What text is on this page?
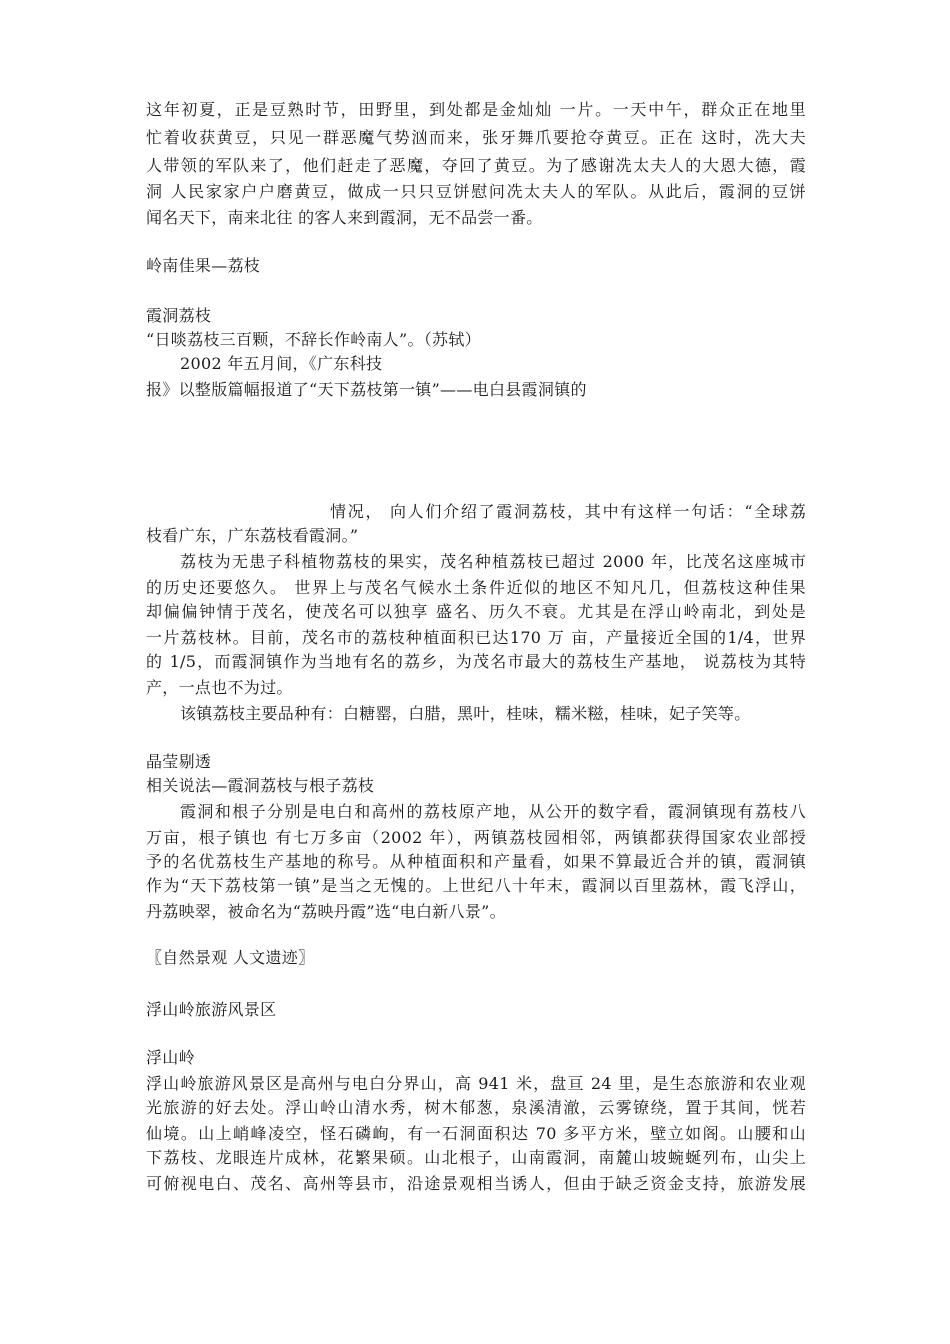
这年初夏，正是豆熟时节，田野里，到处都是金灿灿 一片。一天中午，群众正在地里
忙着收获黄豆，只见一群恶魔气势汹而来，张牙舞爪要抢夺黄豆。正在 这时，冼大夫
人带领的军队来了，他们赶走了恶魔，夺回了黄豆。为了感谢冼太夫人的大恩大德，霞
洞 人民家家户户磨黄豆，做成一只只豆饼慰问冼太夫人的军队。从此后，霞洞的豆饼
闻名天下，南来北往 的客人来到霞洞，无不品尝一番。
岭南佳果—荔枝
霞洞荔枝
“日啖荔枝三百颗，不辞长作岭南人”。（苏轼）
2002 年五月间，《广东科技
报》以整版篇幅报道了“天下荔枝第一镇”——电白县霞洞镇的
情况， 向人们介绍了霞洞荔枝，其中有这样一句话：“全球荔
枝看广东，广东荔枝看霞洞。”
荔枝为无患子科植物荔枝的果实，茂名种植荔枝已超过 2000 年，比茂名这座城市
的历史还要悠久。 世界上与茂名气候水土条件近似的地区不知凡几，但荔枝这种佳果
却偏偏钟情于茂名，使茂名可以独享 盛名、历久不衰。尤其是在浮山岭南北，到处是
一片荔枝林。目前，茂名市的荔枝种植面积已达170 万 亩，产量接近全国的1/4，世界
的 1/5，而霞洞镇作为当地有名的荔乡，为茂名市最大的荔枝生产基地， 说荔枝为其特
产，一点也不为过。
该镇荔枝主要品种有：白糖罂，白腊，黑叶，桂味，糯米糍，桂味，妃子笑等。
晶莹剔透
相关说法—霞洞荔枝与根子荔枝
霞洞和根子分别是电白和高州的荔枝原产地，从公开的数字看，霞洞镇现有荔枝八
万亩，根子镇也 有七万多亩（2002 年），两镇荔枝园相邻，两镇都获得国家农业部授
予的名优荔枝生产基地的称号。从种植面积和产量看，如果不算最近合并的镇，霞洞镇
作为“天下荔枝第一镇”是当之无愧的。上世纪八十年末，霞洞以百里荔林，霞飞浮山，
丹荔映翠，被命名为“荔映丹霞”选“电白新八景”。
〖自然景观 人文遗迹〗
浮山岭旅游风景区
浮山岭
浮山岭旅游风景区是高州与电白分界山，高 941 米，盘亘 24 里，是生态旅游和农业观
光旅游的好去处。浮山岭山清水秀，树木郁葱，泉溪清澈，云雾镣绕，置于其间，恍若
仙境。山上峭峰凌空，怪石磷峋，有一石洞面积达 70 多平方米，壁立如阁。山腰和山
下荔枝、龙眼连片成林，花繁果硕。山北根子，山南霞洞，南麓山坡蜿蜒列布，山尖上
可俯视电白、茂名、高州等县市，沿途景观相当诱人，但由于缺乏资金支持，旅游发展
